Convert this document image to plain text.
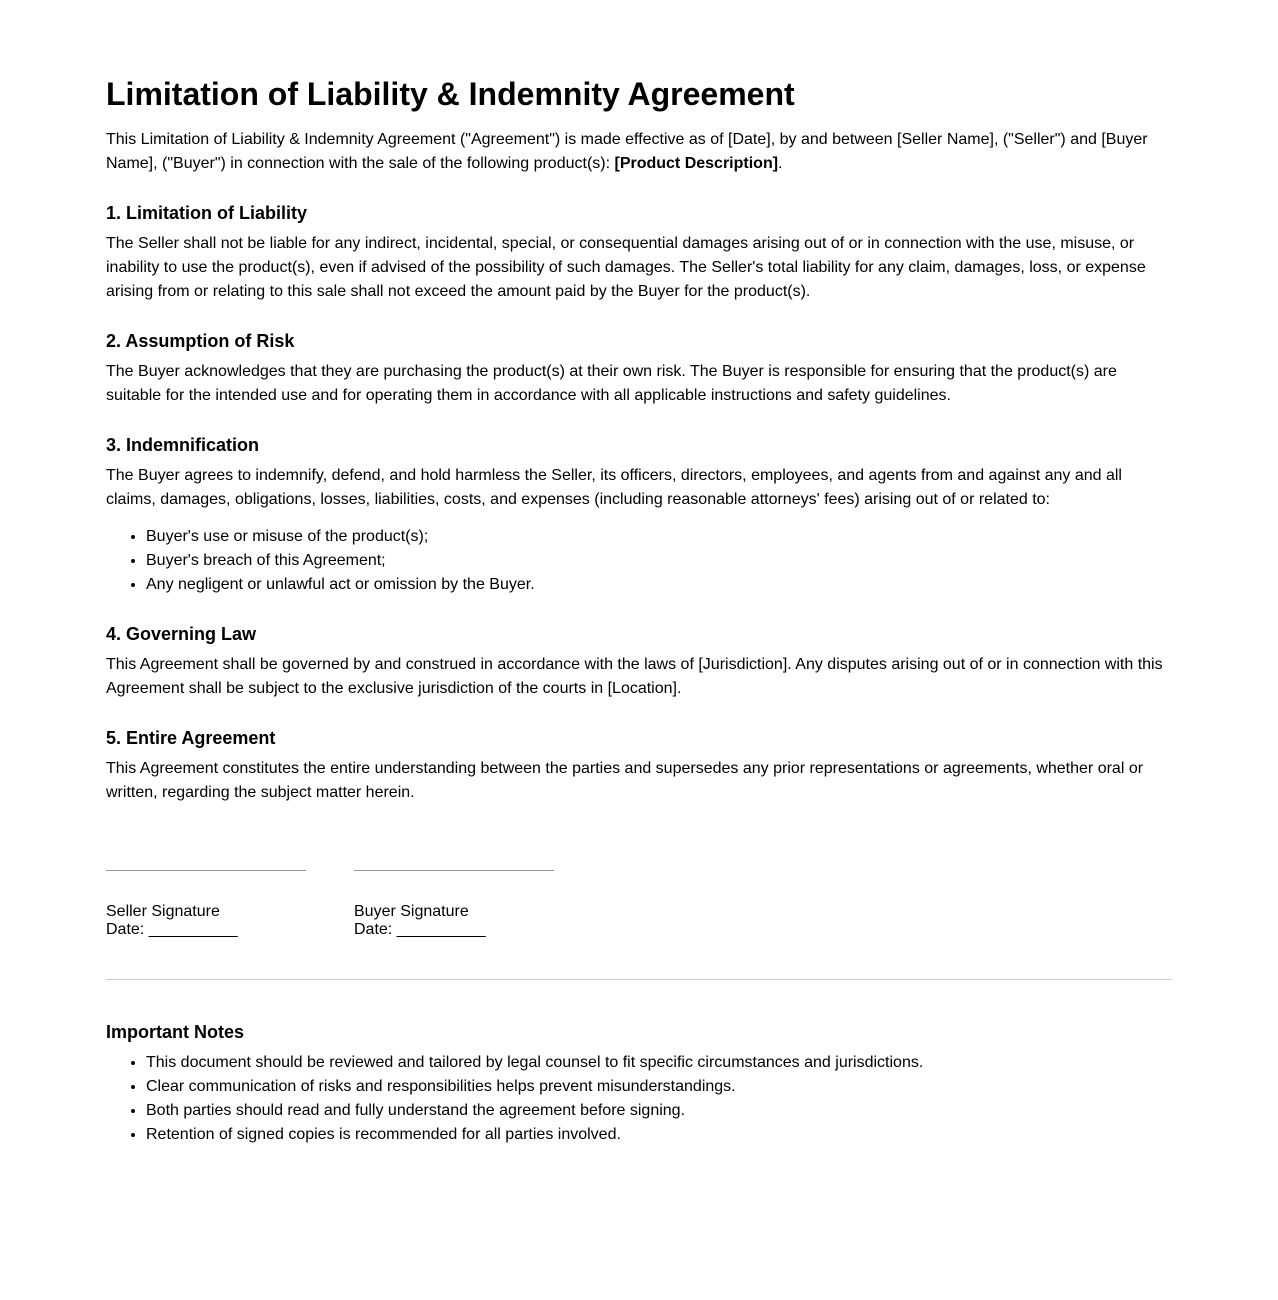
Limitation of Liability & Indemnity Agreement

This Limitation of Liability & Indemnity Agreement ("Agreement") is made effective as of [Date], by and between [Seller Name], ("Seller") and [Buyer Name], ("Buyer") in connection with the sale of the following product(s): [Product Description].

1. Limitation of Liability

The Seller shall not be liable for any indirect, incidental, special, or consequential damages arising out of or in connection with the use, misuse, or inability to use the product(s), even if advised of the possibility of such damages. The Seller's total liability for any claim, damages, loss, or expense arising from or relating to this sale shall not exceed the amount paid by the Buyer for the product(s).

2. Assumption of Risk

The Buyer acknowledges that they are purchasing the product(s) at their own risk. The Buyer is responsible for ensuring that the product(s) are suitable for the intended use and for operating them in accordance with all applicable instructions and safety guidelines.

3. Indemnification

The Buyer agrees to indemnify, defend, and hold harmless the Seller, its officers, directors, employees, and agents from and against any and all claims, damages, obligations, losses, liabilities, costs, and expenses (including reasonable attorneys' fees) arising out of or related to:

• Buyer's use or misuse of the product(s);
• Buyer's breach of this Agreement;
• Any negligent or unlawful act or omission by the Buyer.
4. Governing Law

This Agreement shall be governed by and construed in accordance with the laws of [Jurisdiction]. Any disputes arising out of or in connection with this Agreement shall be subject to the exclusive jurisdiction of the courts in [Location].

5. Entire Agreement

This Agreement constitutes the entire understanding between the parties and supersedes any prior representations or agreements, whether oral or written, regarding the subject matter herein.

Seller Signature
Date: __________
Buyer Signature
Date: __________
Important Notes
• This document should be reviewed and tailored by legal counsel to fit specific circumstances and jurisdictions.
• Clear communication of risks and responsibilities helps prevent misunderstandings.
• Both parties should read and fully understand the agreement before signing.
• Retention of signed copies is recommended for all parties involved.
